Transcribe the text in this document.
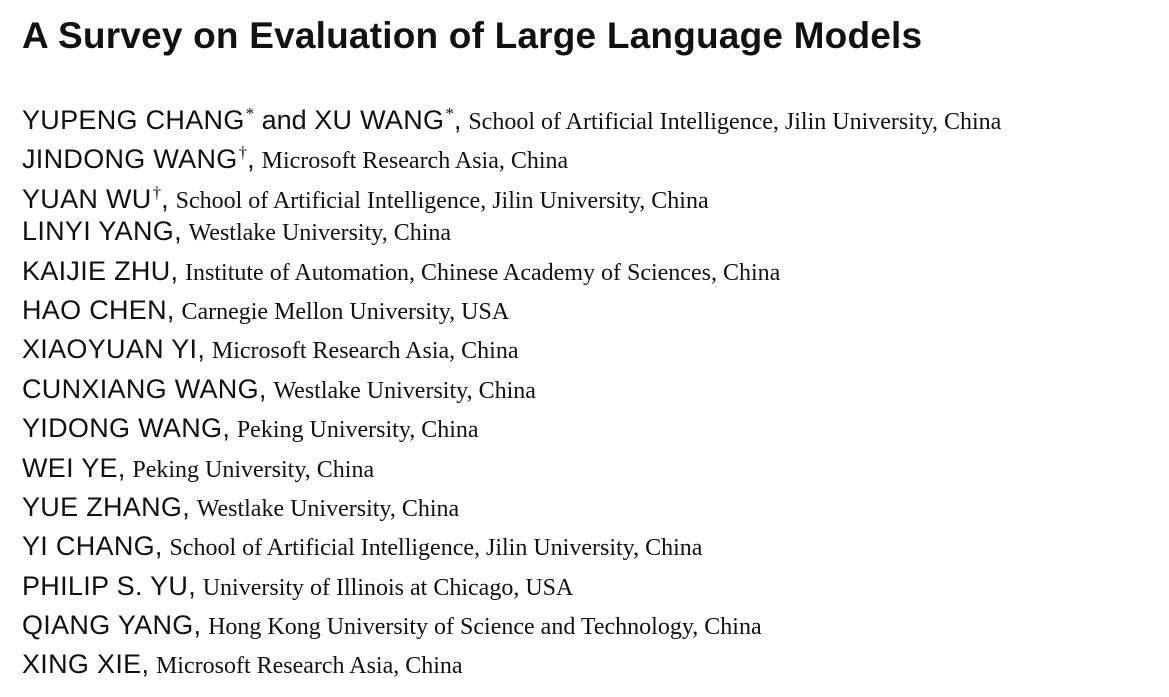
A Survey on Evaluation of Large Language Models
YUPENG CHANG* and XU WANG*, School of Artificial Intelligence, Jilin University, China
JINDONG WANG†, Microsoft Research Asia, China
YUAN WU†, School of Artificial Intelligence, Jilin University, China
LINYI YANG, Westlake University, China
KAIJIE ZHU, Institute of Automation, Chinese Academy of Sciences, China
HAO CHEN, Carnegie Mellon University, USA
XIAOYUAN YI, Microsoft Research Asia, China
CUNXIANG WANG, Westlake University, China
YIDONG WANG, Peking University, China
WEI YE, Peking University, China
YUE ZHANG, Westlake University, China
YI CHANG, School of Artificial Intelligence, Jilin University, China
PHILIP S. YU, University of Illinois at Chicago, USA
QIANG YANG, Hong Kong University of Science and Technology, China
XING XIE, Microsoft Research Asia, China
